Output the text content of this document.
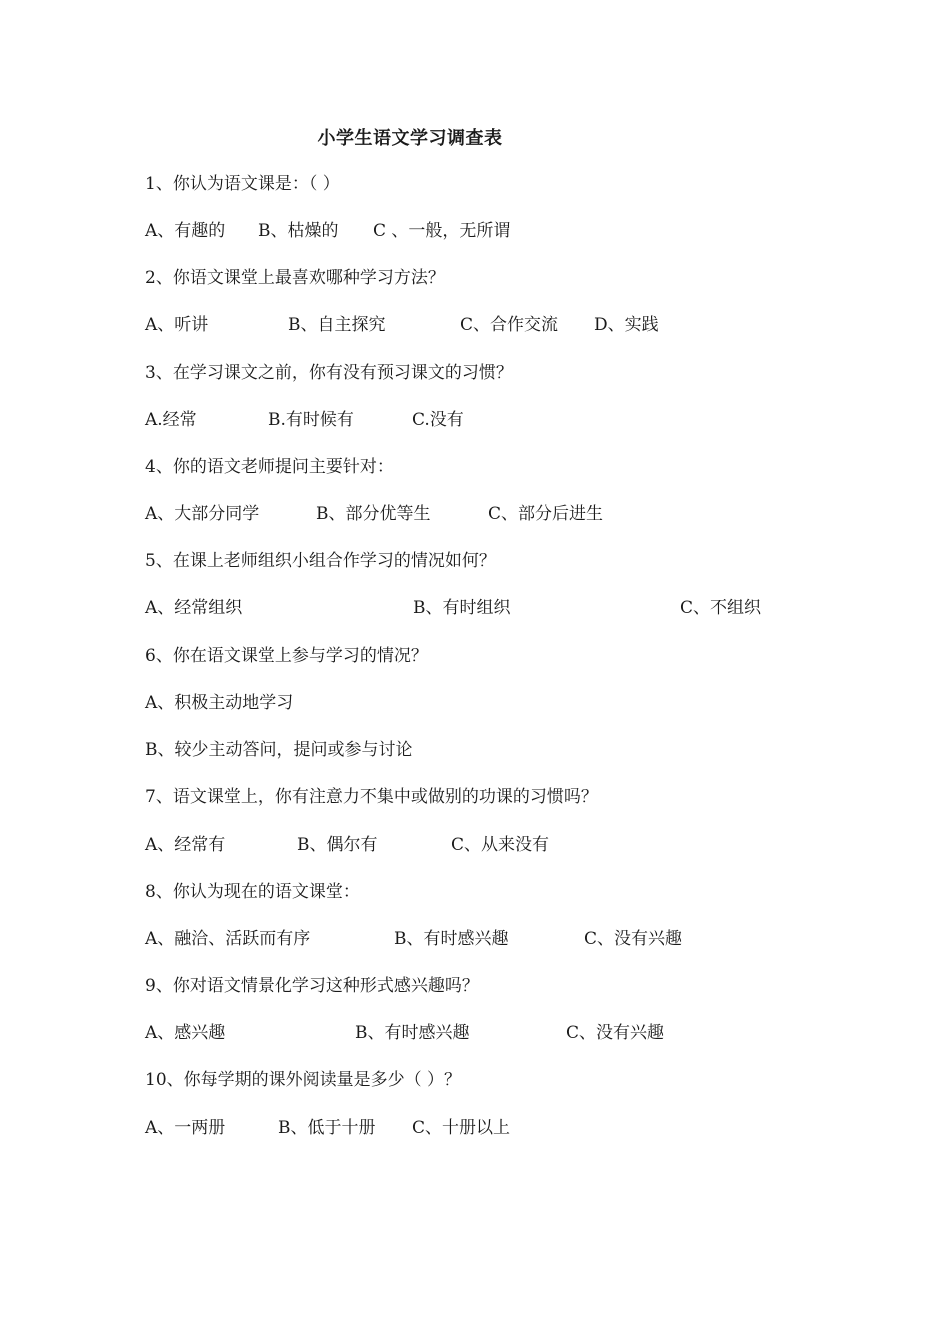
小学生语文学习调查表
1、你认为语文课是：（ ）
A、有趣的 B、枯燥的 C 、一般，无所谓
2、你语文课堂上最喜欢哪种学习方法？
A、听讲	B、自主探究	C、合作交流 D、实践
3、在学习课文之前，你有没有预习课文的习惯？
A.经常	B.有时候有	C.没有
4、你的语文老师提问主要针对：
A、大部分同学	B、部分优等生	C、部分后进生
5、在课上老师组织小组合作学习的情况如何？
A、经常组织	B、有时组织	C、不组织
6、你在语文课堂上参与学习的情况？
A、积极主动地学习
B、较少主动答问，提问或参与讨论
7、语文课堂上，你有注意力不集中或做别的功课的习惯吗？
A、经常有	B、偶尔有	C、从来没有
8、你认为现在的语文课堂：
A、融洽、活跃而有序	B、有时感兴趣	C、没有兴趣
9、你对语文情景化学习这种形式感兴趣吗？
A、感兴趣	B、有时感兴趣	C、没有兴趣
10、你每学期的课外阅读量是多少（ ）？
A、一两册	B、低于十册 C、十册以上
